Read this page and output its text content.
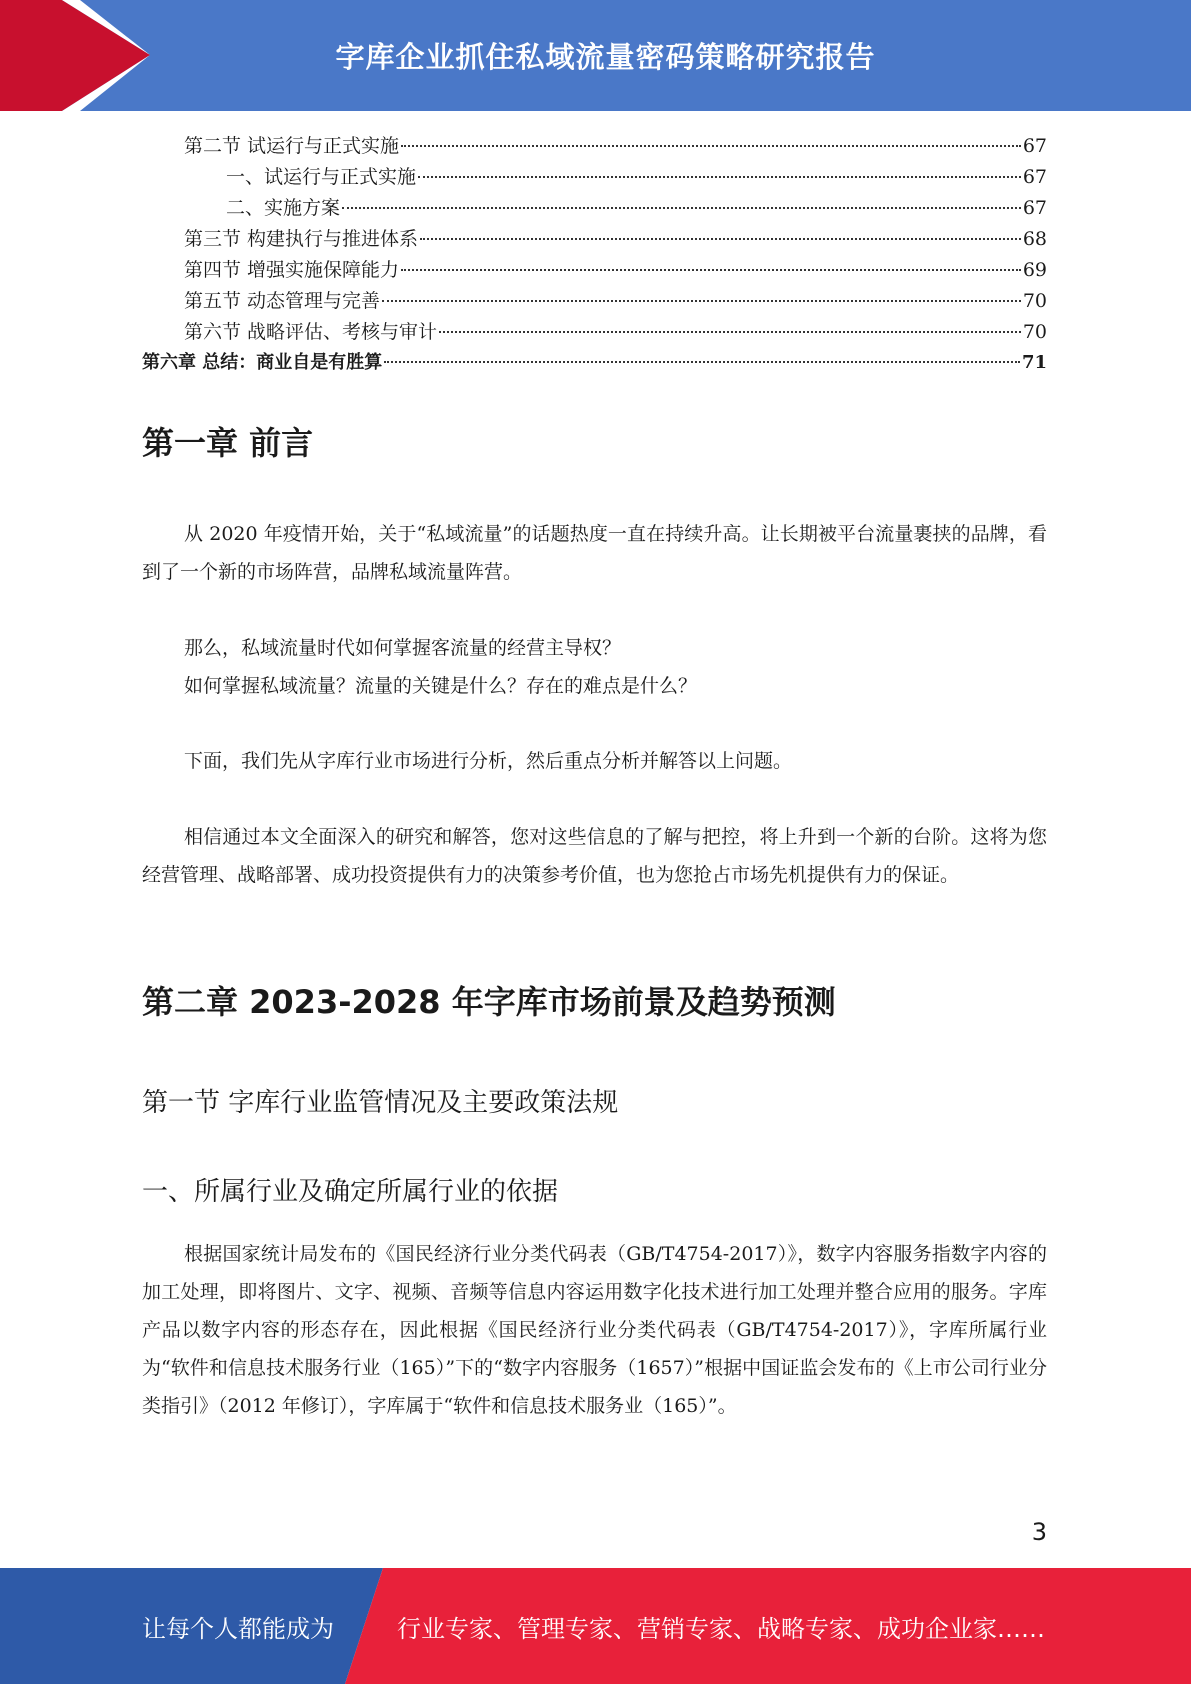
字库企业抓住私域流量密码策略研究报告
第二节 试运行与正式实施	67
一、试运行与正式实施	67
二、实施方案	67
第三节 构建执行与推进体系	68
第四节 增强实施保障能力	69
第五节 动态管理与完善	70
第六节 战略评估、考核与审计	70
第六章 总结：商业自是有胜算	71
第一章 前言

从 2020 年疫情开始，关于“私域流量”的话题热度一直在持续升高。让长期被平台流量裹挟的品牌，看到了一个新的市场阵营，品牌私域流量阵营。

那么，私域流量时代如何掌握客流量的经营主导权？

如何掌握私域流量？流量的关键是什么？存在的难点是什么？

下面，我们先从字库行业市场进行分析，然后重点分析并解答以上问题。

相信通过本文全面深入的研究和解答，您对这些信息的了解与把控，将上升到一个新的台阶。这将为您经营管理、战略部署、成功投资提供有力的决策参考价值，也为您抢占市场先机提供有力的保证。

第二章 2023-2028 年字库市场前景及趋势预测
第一节 字库行业监管情况及主要政策法规
一、所属行业及确定所属行业的依据

根据国家统计局发布的《国民经济行业分类代码表（GB/T4754-2017）》，数字内容服务指数字内容的加工处理，即将图片、文字、视频、音频等信息内容运用数字化技术进行加工处理并整合应用的服务。字库产品以数字内容的形态存在，因此根据《国民经济行业分类代码表（GB/T4754-2017）》，字库所属行业为“软件和信息技术服务行业（165）”下的“数字内容服务（1657）”根据中国证监会发布的《上市公司行业分类指引》（2012 年修订），字库属于“软件和信息技术服务业（165）”。

3
让每个人都能成为	行业专家、管理专家、营销专家、战略专家、成功企业家……
